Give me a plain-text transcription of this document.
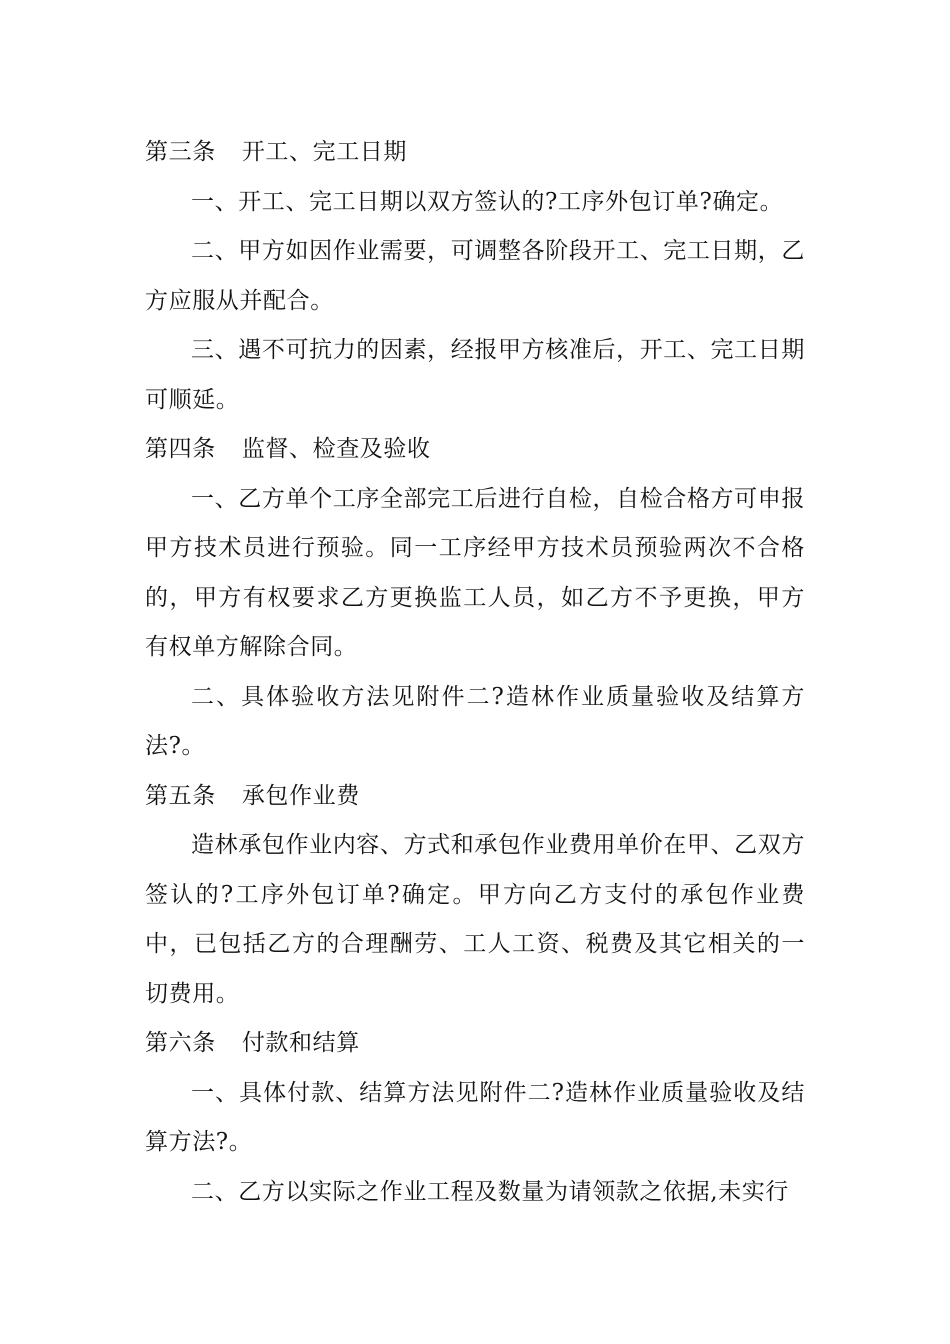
第三条 开工、完工日期

一、开工、完工日期以双方签认的?工序外包订单?确定。

二、甲方如因作业需要，可调整各阶段开工、完工日期，乙方应服从并配合。

三、遇不可抗力的因素，经报甲方核准后，开工、完工日期可顺延。

第四条 监督、检查及验收

一、乙方单个工序全部完工后进行自检，自检合格方可申报甲方技术员进行预验。同一工序经甲方技术员预验两次不合格的，甲方有权要求乙方更换监工人员，如乙方不予更换，甲方有权单方解除合同。

二、具体验收方法见附件二?造林作业质量验收及结算方法?。

第五条 承包作业费

造林承包作业内容、方式和承包作业费用单价在甲、乙双方签认的?工序外包订单?确定。甲方向乙方支付的承包作业费中，已包括乙方的合理酬劳、工人工资、税费及其它相关的一切费用。

第六条 付款和结算

一、具体付款、结算方法见附件二?造林作业质量验收及结算方法?。

二、乙方以实际之作业工程及数量为请领款之依据,未实行
